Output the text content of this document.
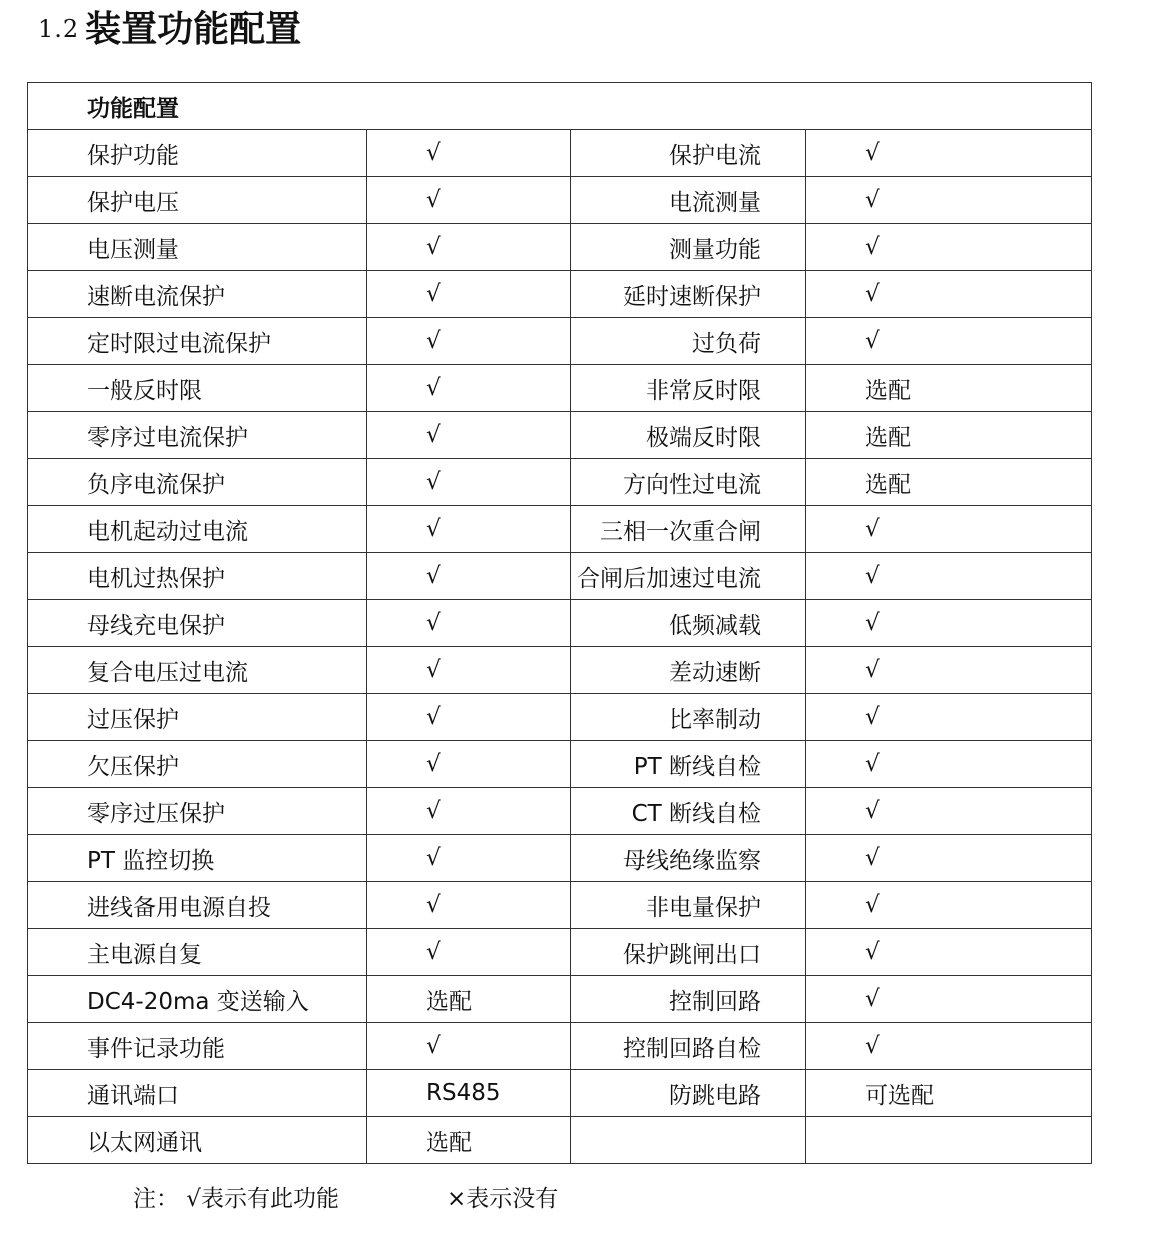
1.2 装置功能配置
功能配置			
保护功能	√	保护电流	√
保护电压	√	电流测量	√
电压测量	√	测量功能	√
速断电流保护	√	延时速断保护	√
定时限过电流保护	√	过负荷	√
一般反时限	√	非常反时限	选配
零序过电流保护	√	极端反时限	选配
负序电流保护	√	方向性过电流	选配
电机起动过电流	√	三相一次重合闸	√
电机过热保护	√	合闸后加速过电流	√
母线充电保护	√	低频减载	√
复合电压过电流	√	差动速断	√
过压保护	√	比率制动	√
欠压保护	√	PT 断线自检	√
零序过压保护	√	CT 断线自检	√
PT 监控切换	√	母线绝缘监察	√
进线备用电源自投	√	非电量保护	√
主电源自复	√	保护跳闸出口	√
DC4-20ma 变送输入	选配	控制回路	√
事件记录功能	√	控制回路自检	√
通讯端口	RS485	防跳电路	可选配
以太网通讯	选配	

注： √表示有此功能	×表示没有
